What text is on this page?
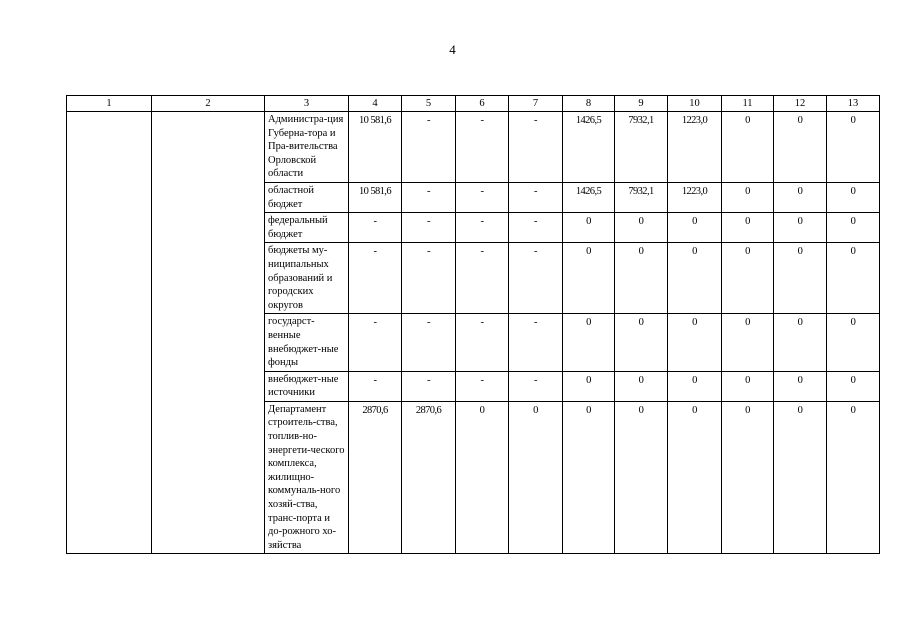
4
1	2	3	4	5	6	7	8	9	10	11	12	13
		Администра-ция Губерна-тора и Пра-вительства Орловской области	10 581,6	-	-	-	1426,5	7932,1	1223,0	0	0	0
		областной бюджет	10 581,6	-	-	-	1426,5	7932,1	1223,0	0	0	0
		федеральный бюджет	-	-	-	-	0	0	0	0	0	0
		бюджеты му-ниципальных образований и городских округов	-	-	-	-	0	0	0	0	0	0
		государст-венные внебюджет-ные фонды	-	-	-	-	0	0	0	0	0	0
		внебюджет-ные источники	-	-	-	-	0	0	0	0	0	0
		Департамент строитель-ства, топлив-но-энергети-ческого комплекса, жилищно-коммуналь-ного хозяй-ства, транс-порта и до-рожного хо-зяйства	2870,6	2870,6	0	0	0	0	0	0	0	0
